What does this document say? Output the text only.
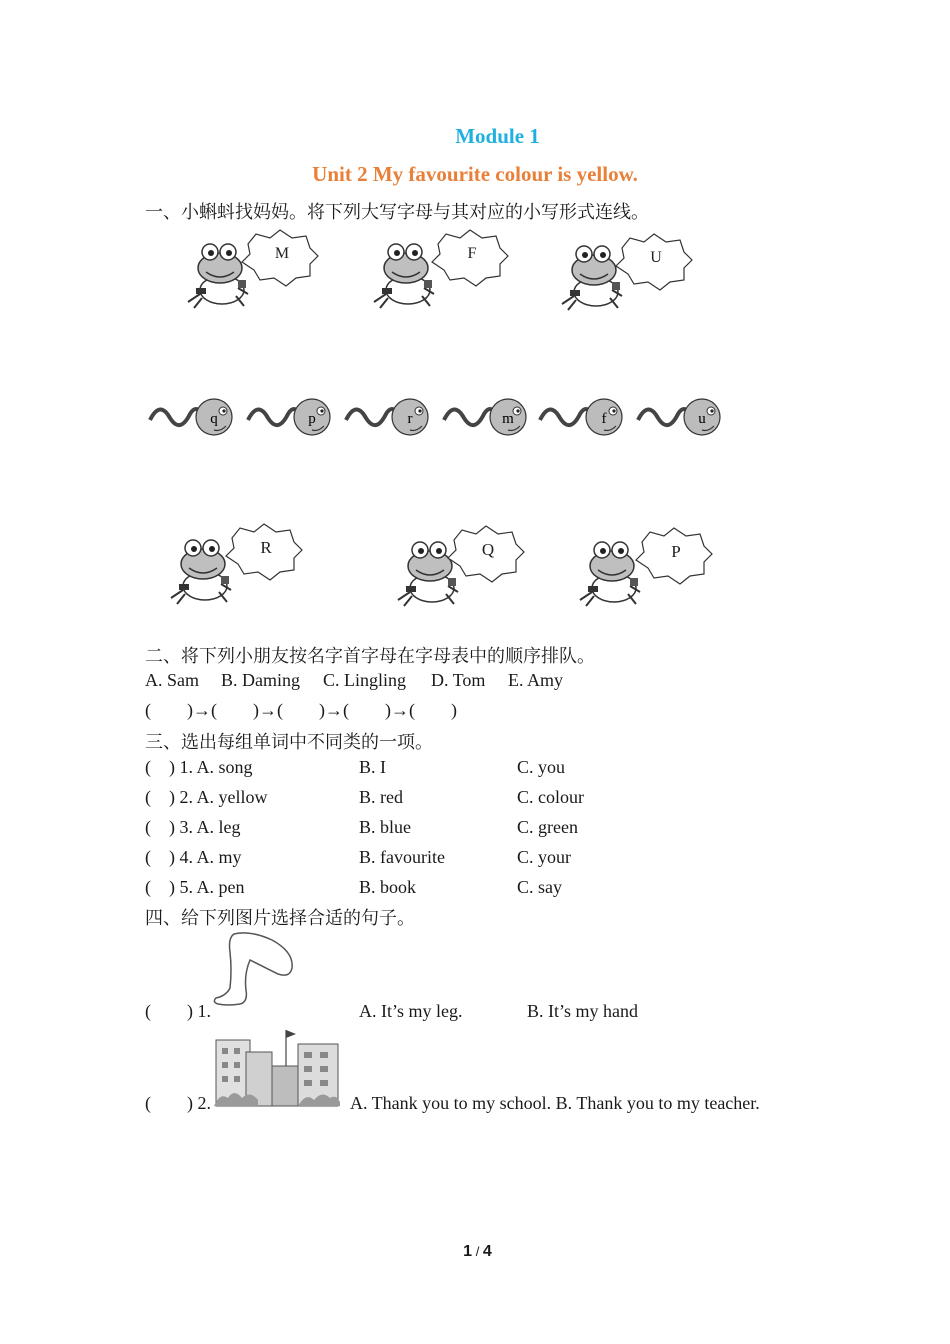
Module 1
Unit 2 My favourite colour is yellow.
一、小蝌蚪找妈妈。将下列大写字母与其对应的小写形式连线。
M	F	U
q	p	r	m	f	u
R	Q	P
二、将下列小朋友按名字首字母在字母表中的顺序排队。
A. Sam B. Daming C. Lingling D. Tom E. Amy
(        )→(        )→(        )→(        )→(        )
三、选出每组单词中不同类的一项。
(    ) 1. A. song	B. I	C. you
(    ) 2. A. yellow	B. red	C. colour
(    ) 3. A. leg	B. blue	C. green
(    ) 4. A. my	B. favourite	C. your
(    ) 5. A. pen	B. book	C. say
四、给下列图片选择合适的句子。
(        ) 1.	A. It’s my leg.	B. It’s my hand
(        ) 2.	A. Thank you to my school. B. Thank you to my teacher.
1 / 4
